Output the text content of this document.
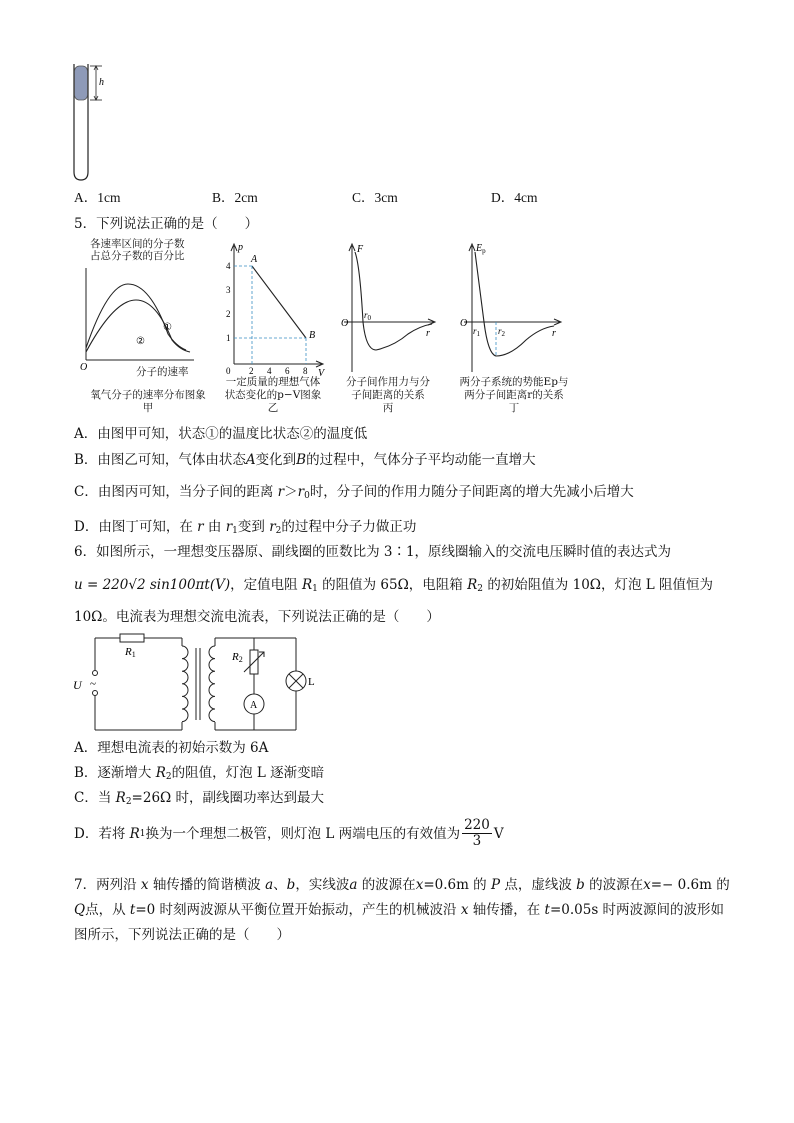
h
A．1cm	B．2cm	C．3cm	D．4cm
5．下列说法正确的是（　　）
各速率区间的分子数
占总分子数的百分比
O
①
②
分子的速率
氧气分子的速率分布图象
甲
p
V
0
A
B
4
3
2
1
2 4 6 8
一定质量的理想气体
状态变化的p−V图象
乙
F
O
$r_0$
r
分子间作用力与分
子间距离的关系
丙
$E_p$
O
$r_1$ $r_2$	r
两分子系统的势能Ep与
两分子间距离r的关系
丁
A．由图甲可知，状态①的温度比状态②的温度低
B．由图乙可知，气体由状态A变化到B的过程中，气体分子平均动能一直增大
C．由图丙可知，当分子间的距离 $r>r_0$时，分子间的作用力随分子间距离的增大先减小后增大
D．由图丁可知，在 r 由 $r_1$变到 $r_2$的过程中分子力做正功
6．如图所示，一理想变压器原、副线圈的匝数比为 3∶1，原线圈输入的交流电压瞬时值的表达式为
u = 220√2 sin100πt(V)，定值电阻 $R_1$ 的阻值为 65Ω，电阻箱 $R_2$ 的初始阻值为 10Ω，灯泡 L 阻值恒为
10Ω。电流表为理想交流电流表，下列说法正确的是（　　）
R1	R2
U ~
A
L
A．理想电流表的初始示数为 6A
B．逐渐增大 $R_2$的阻值，灯泡 L 逐渐变暗
C．当 $R_2=26\Omega$ 时，副线圈功率达到最大
D．若将
R 1 换为一个理想二极管，则灯泡 L 两端电压的有效值为 $\frac{220}{3}$ V
7．两列沿 x 轴传播的简谐横波 a、b，实线波a 的波源在x=0.6m 的 P 点，虚线波 b 的波源在x=− 0.6m 的
Q点，从 t=0 时刻两波源从平衡位置开始振动，产生的机械波沿 x 轴传播，在 t=0.05s 时两波源间的波形如
图所示，下列说法正确的是（　　）
